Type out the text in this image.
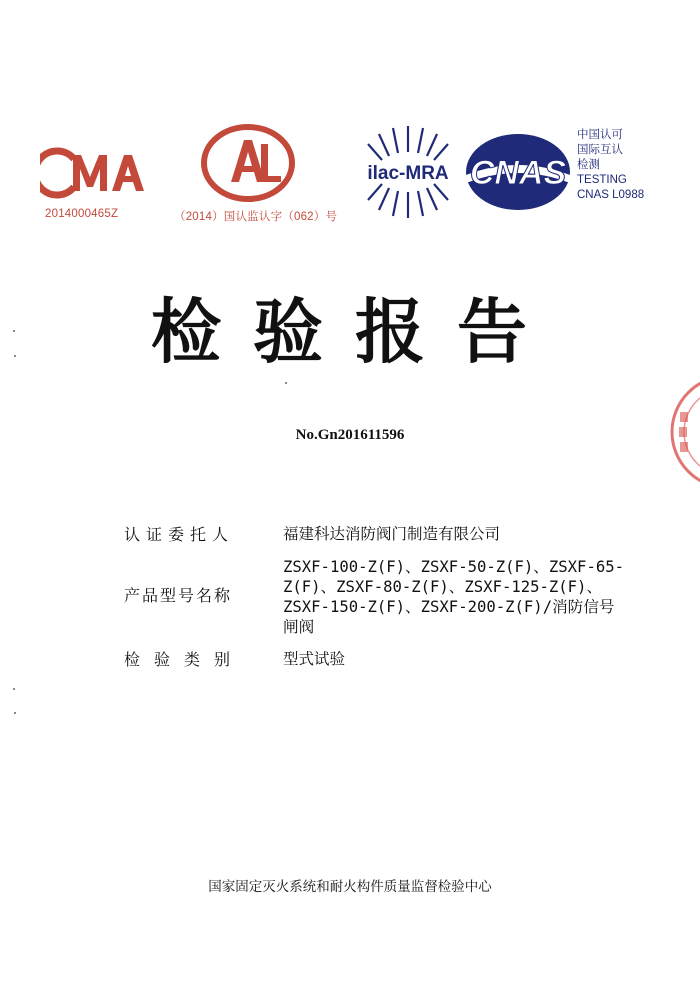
2014000465Z	（2014）国认监认字（062）号
ilac-MRA CNAS
中国认可
国际互认
检测
TESTING
CNAS L0988
检验报告
No.Gn201611596
认证委托人	福建科达消防阀门制造有限公司
产品型号名称
ZSXF-100-Z(F)、ZSXF-50-Z(F)、ZSXF-65-
Z(F)、ZSXF-80-Z(F)、ZSXF-125-Z(F)、
ZSXF-150-Z(F)、ZSXF-200-Z(F)/消防信号
闸阀
检验类别	型式试验
国家固定灭火系统和耐火构件质量监督检验中心
